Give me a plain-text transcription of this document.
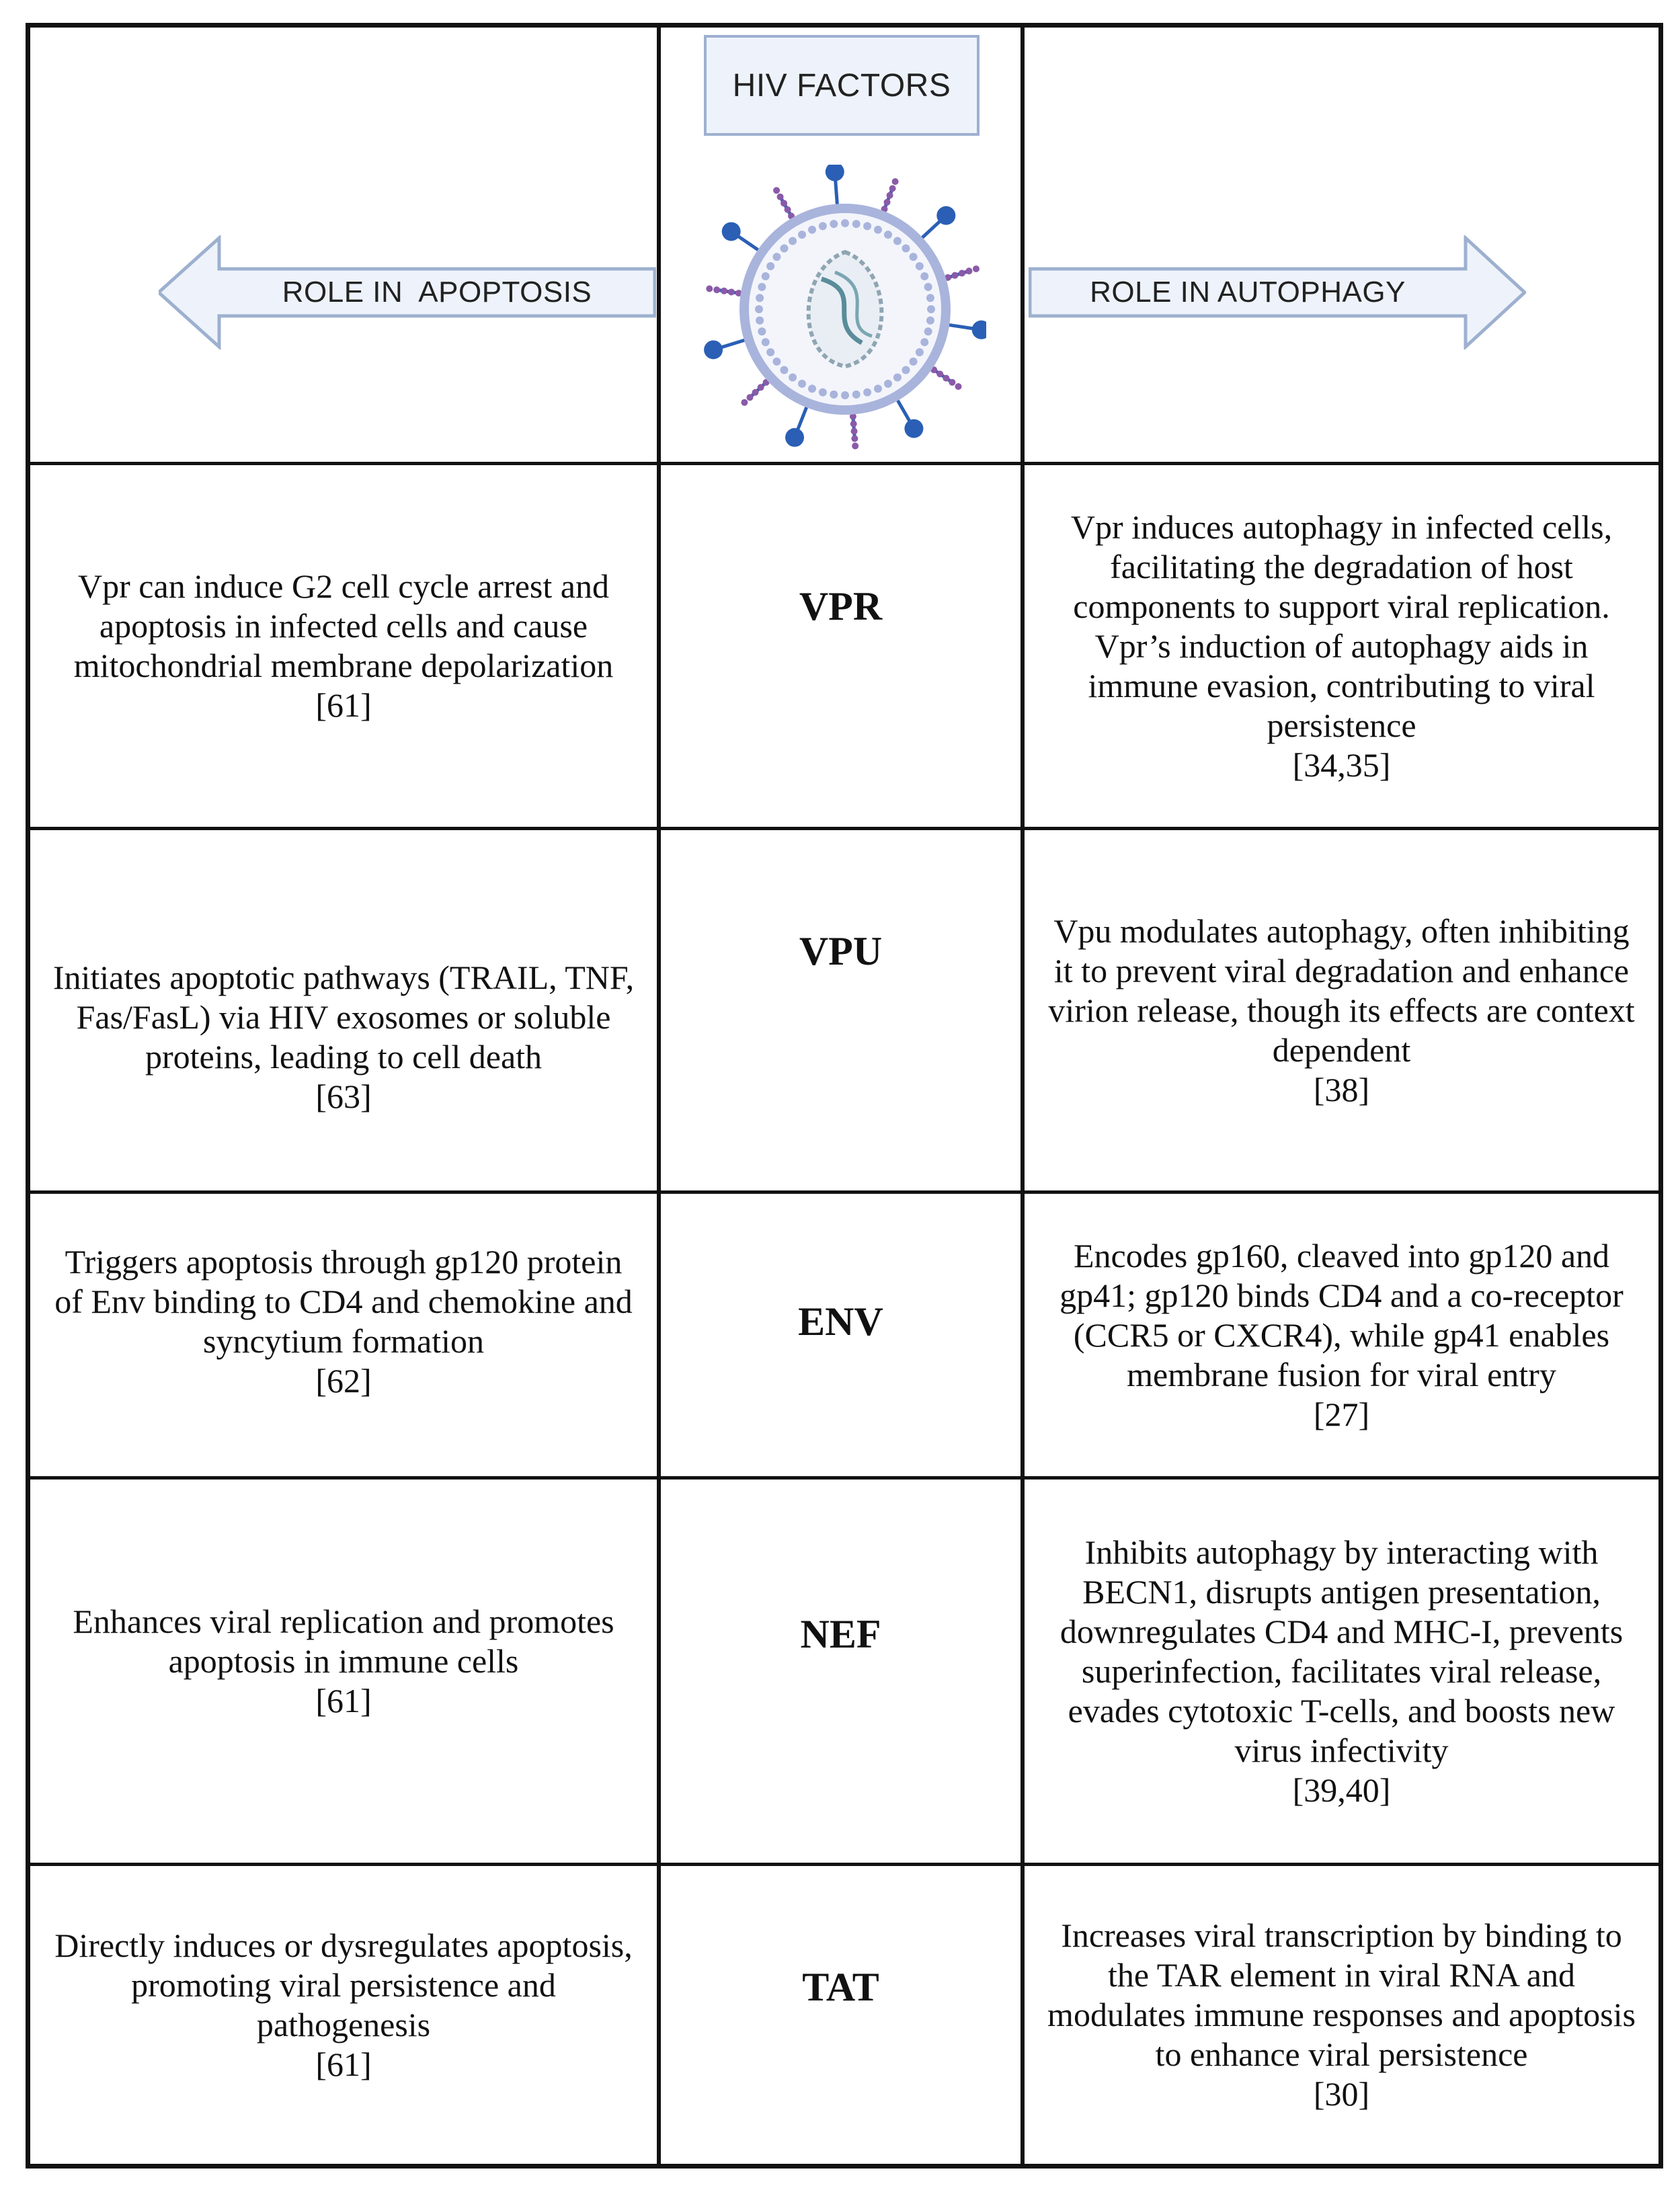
ROLE IN  APOPTOSIS
HIV FACTORS
ROLE IN AUTOPHAGY
Vpr can induce G2 cell cycle arrest and apoptosis in infected cells and cause mitochondrial membrane depolarization
[61]
VPR
Vpr induces autophagy in infected cells, facilitating the degradation of host components to support viral replication. Vpr’s induction of autophagy aids in immune evasion, contributing to viral persistence
[34,35]
Initiates apoptotic pathways (TRAIL, TNF, Fas/FasL) via HIV exosomes or soluble proteins, leading to cell death
[63]
VPU	Vpu modulates autophagy, often inhibiting it to prevent viral degradation and enhance virion release, though its effects are context dependent
[38]
Triggers apoptosis through gp120 protein of Env binding to CD4 and chemokine and syncytium formation
[62]
ENV
Encodes gp160, cleaved into gp120 and gp41; gp120 binds CD4 and a co-receptor (CCR5 or CXCR4), while gp41 enables membrane fusion for viral entry
[27]
Enhances viral replication and promotes apoptosis in immune cells
[61]
NEF
Inhibits autophagy by interacting with BECN1, disrupts antigen presentation, downregulates CD4 and MHC-I, prevents superinfection, facilitates viral release, evades cytotoxic T-cells, and boosts new virus infectivity
[39,40]
Directly induces or dysregulates apoptosis, promoting viral persistence and pathogenesis
[61]
TAT
Increases viral transcription by binding to the TAR element in viral RNA and modulates immune responses and apoptosis to enhance viral persistence
[30]
